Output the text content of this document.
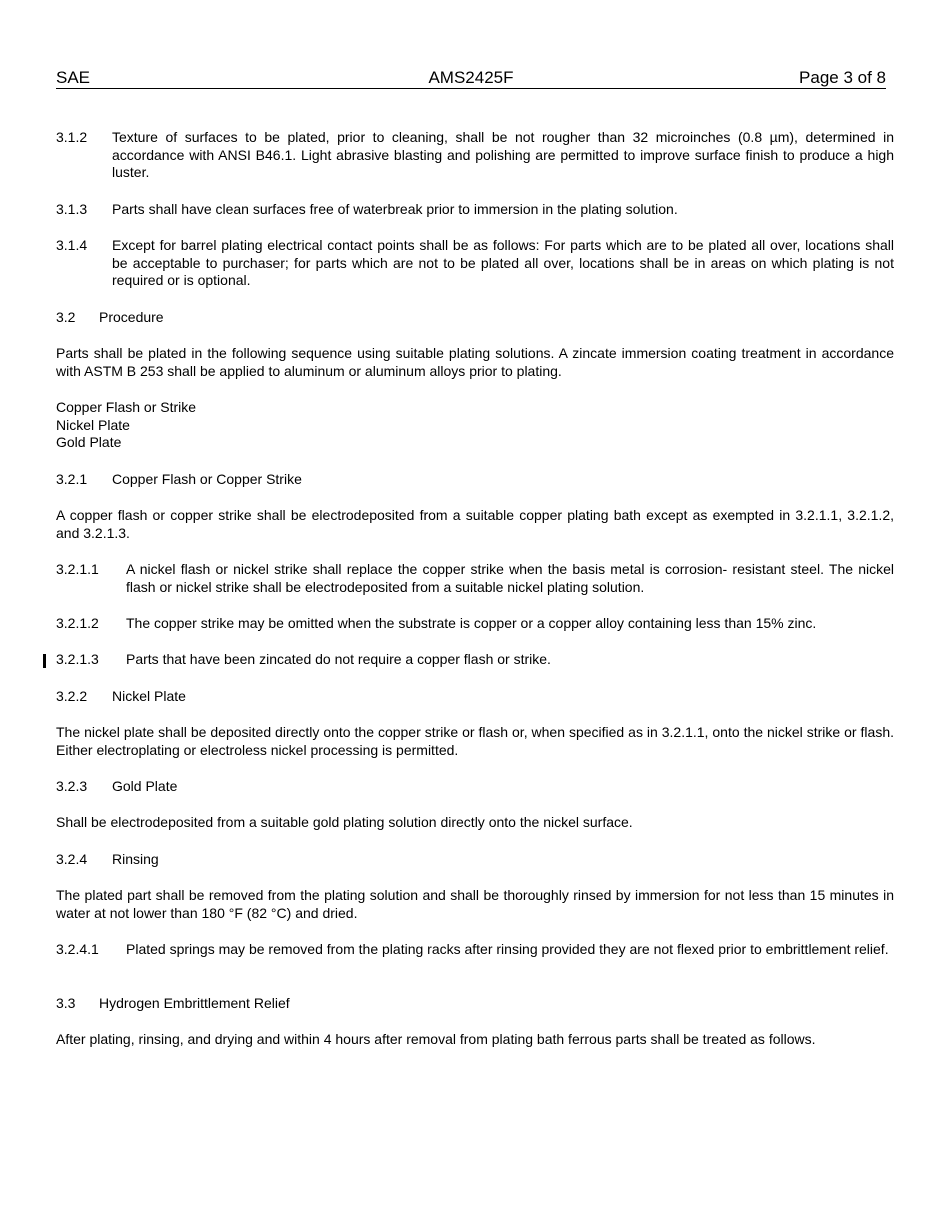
SAE	AMS2425F	Page 3 of 8
3.1.2	Texture of surfaces to be plated, prior to cleaning, shall be not rougher than 32 microinches (0.8 µm), determined in accordance with ANSI B46.1. Light abrasive blasting and polishing are permitted to improve surface finish to produce a high luster.
3.1.3	Parts shall have clean surfaces free of waterbreak prior to immersion in the plating solution.
3.1.4	Except for barrel plating electrical contact points shall be as follows: For parts which are to be plated all over, locations shall be acceptable to purchaser; for parts which are not to be plated all over, locations shall be in areas on which plating is not required or is optional.
3.2 Procedure
Parts shall be plated in the following sequence using suitable plating solutions. A zincate immersion coating treatment in accordance with ASTM B 253 shall be applied to aluminum or aluminum alloys prior to plating.
Copper Flash or Strike
Nickel Plate
Gold Plate
3.2.1 Copper Flash or Copper Strike
A copper flash or copper strike shall be electrodeposited from a suitable copper plating bath except as exempted in 3.2.1.1, 3.2.1.2, and 3.2.1.3.
3.2.1.1	A nickel flash or nickel strike shall replace the copper strike when the basis metal is corrosion- resistant steel. The nickel flash or nickel strike shall be electrodeposited from a suitable nickel plating solution.
3.2.1.2	The copper strike may be omitted when the substrate is copper or a copper alloy containing less than 15% zinc.
3.2.1.3	Parts that have been zincated do not require a copper flash or strike.
3.2.2 Nickel Plate
The nickel plate shall be deposited directly onto the copper strike or flash or, when specified as in 3.2.1.1, onto the nickel strike or flash. Either electroplating or electroless nickel processing is permitted.
3.2.3 Gold Plate
Shall be electrodeposited from a suitable gold plating solution directly onto the nickel surface.
3.2.4 Rinsing
The plated part shall be removed from the plating solution and shall be thoroughly rinsed by immersion for not less than 15 minutes in water at not lower than 180 °F (82 °C) and dried.
3.2.4.1	Plated springs may be removed from the plating racks after rinsing provided they are not flexed prior to embrittlement relief.
3.3 Hydrogen Embrittlement Relief
After plating, rinsing, and drying and within 4 hours after removal from plating bath ferrous parts shall be treated as follows.
